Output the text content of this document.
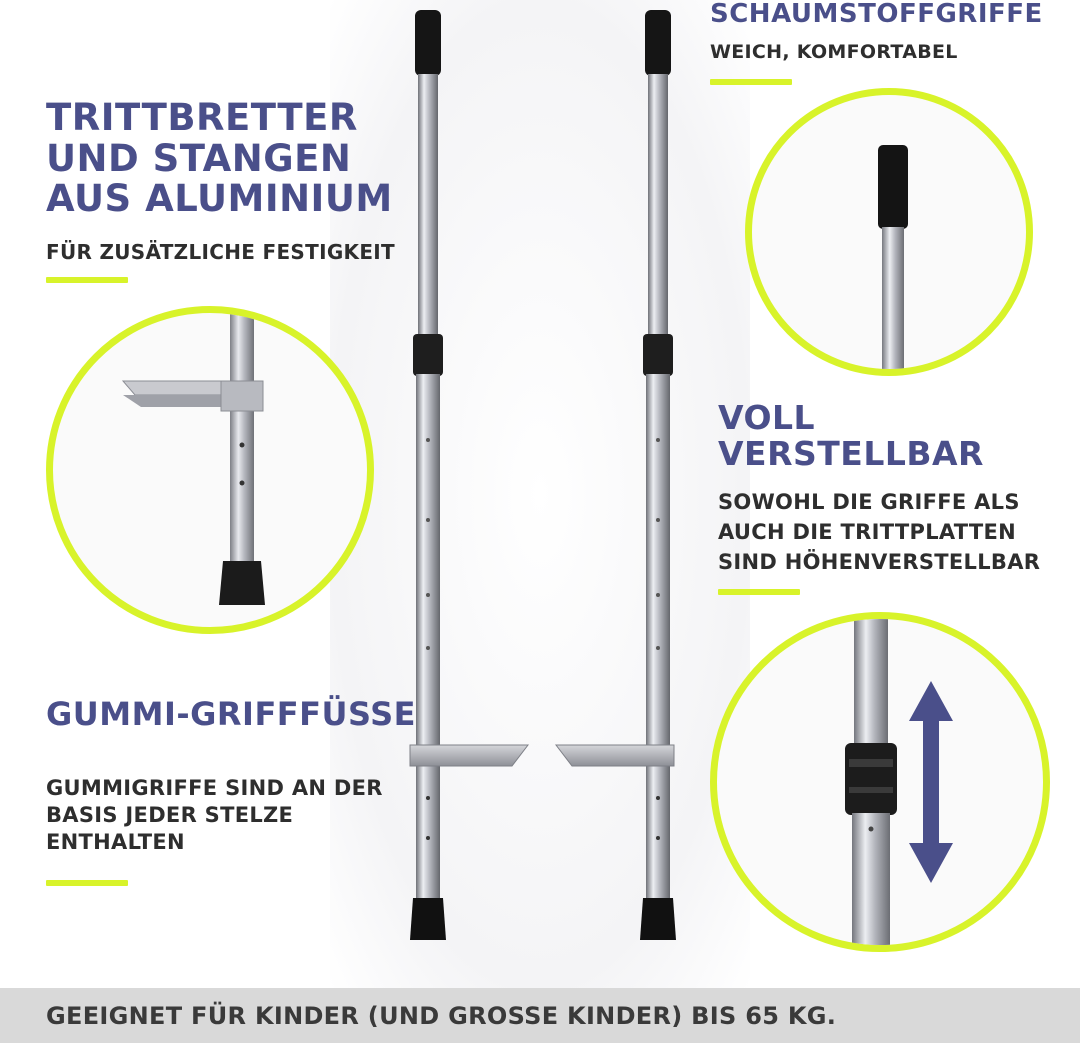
TRITTBRETTER
UND STANGEN
AUS ALUMINIUM
FÜR ZUSÄTZLICHE FESTIGKEIT
GUMMI-GRIFFFÜSSE
GUMMIGRIFFE SIND AN DER
BASIS JEDER STELZE
ENTHALTEN
SCHAUMSTOFFGRIFFE
WEICH, KOMFORTABEL
VOLL
VERSTELLBAR
SOWOHL DIE GRIFFE ALS
AUCH DIE TRITTPLATTEN
SIND HÖHENVERSTELLBAR
GEEIGNET FÜR KINDER (UND GROSSE KINDER) BIS 65 KG.
